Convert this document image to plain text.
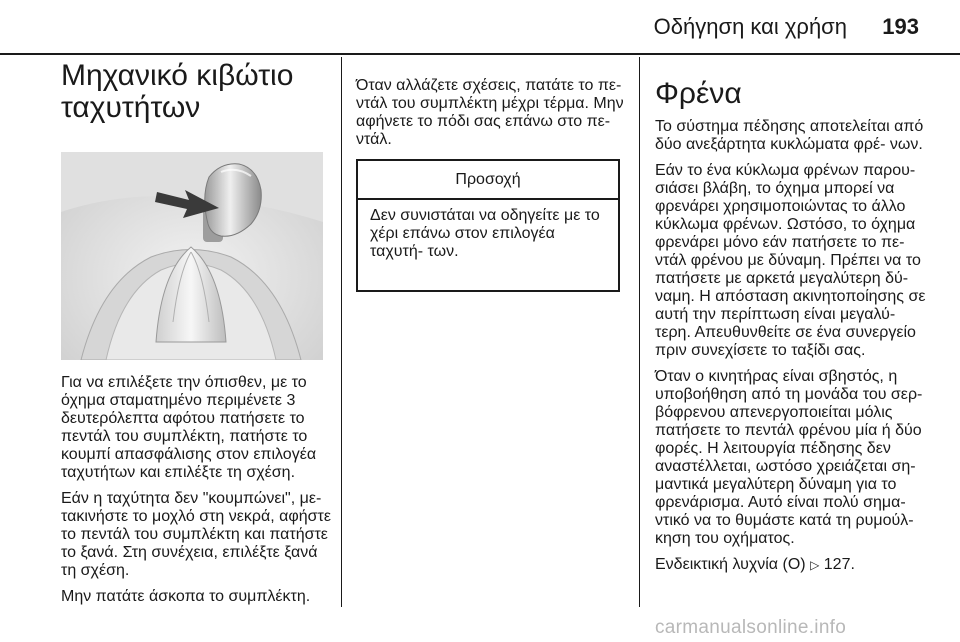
Οδήγηση και χρήση 193
Μηχανικό κιβώτιο
ταχυτήτων

Για να επιλέξετε την όπισθεν, με το όχημα σταματημένο περιμένετε 3 δευτερόλεπτα αφότου πατήσετε το πεντάλ του συμπλέκτη, πατήστε το κουμπί απασφάλισης στον επιλογέα ταχυτήτων και επιλέξτε τη σχέση.

Εάν η ταχύτητα δεν "κουμπώνει", με- τακινήστε το μοχλό στη νεκρά, αφήστε το πεντάλ του συμπλέκτη και πατήστε το ξανά. Στη συνέχεια, επιλέξτε ξανά τη σχέση.

Μην πατάτε άσκοπα το συμπλέκτη.

Όταν αλλάζετε σχέσεις, πατάτε το πε- ντάλ του συμπλέκτη μέχρι τέρμα. Μην αφήνετε το πόδι σας επάνω στο πε- ντάλ.

Προσοχή
Δεν συνιστάται να οδηγείτε με το χέρι επάνω στον επιλογέα ταχυτή- των.
Φρένα

Το σύστημα πέδησης αποτελείται από δύο ανεξάρτητα κυκλώματα φρέ- νων.

Εάν το ένα κύκλωμα φρένων παρου- σιάσει βλάβη, το όχημα μπορεί να φρενάρει χρησιμοποιώντας το άλλο κύκλωμα φρένων. Ωστόσο, το όχημα φρενάρει μόνο εάν πατήσετε το πε- ντάλ φρένου με δύναμη. Πρέπει να το πατήσετε με αρκετά μεγαλύτερη δύ- ναμη. Η απόσταση ακινητοποίησης σε αυτή την περίπτωση είναι μεγαλύ- τερη. Απευθυνθείτε σε ένα συνεργείο πριν συνεχίσετε το ταξίδι σας.

Όταν ο κινητήρας είναι σβηστός, η υποβοήθηση από τη μονάδα του σερ- βόφρενου απενεργοποιείται μόλις πατήσετε το πεντάλ φρένου μία ή δύο φορές. Η λειτουργία πέδησης δεν αναστέλλεται, ωστόσο χρειάζεται ση- μαντικά μεγαλύτερη δύναμη για το φρενάρισμα. Αυτό είναι πολύ σημα- ντικό να το θυμάστε κατά τη ρυμούλ- κηση του οχήματος.

Ενδεικτική λυχνία (O) ▷ 127.

carmanualsonline.info
